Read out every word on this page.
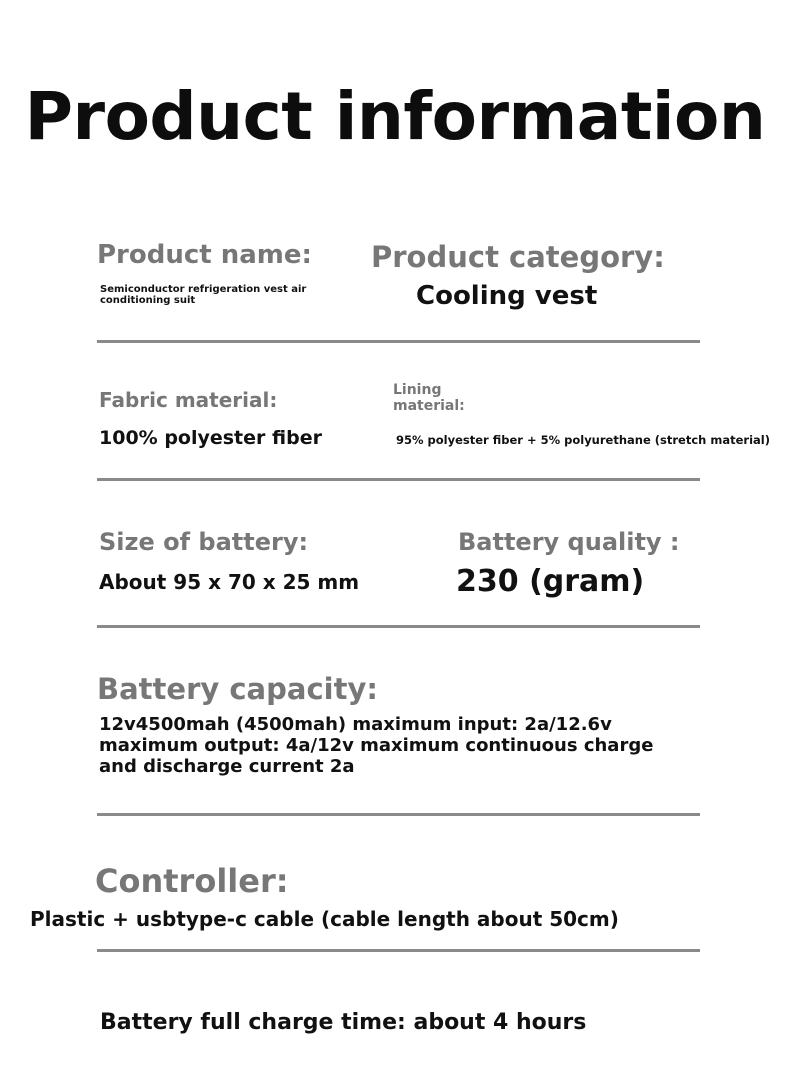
Product information
Product name:
Semiconductor refrigeration vest air conditioning suit
Product category:
Cooling vest
Fabric material:
100% polyester fiber
Lining material:
95% polyester fiber + 5% polyurethane (stretch material)
Size of battery:
About 95 x 70 x 25 mm
Battery quality :
230 (gram)
Battery capacity:
12v4500mah (4500mah) maximum input: 2a/12.6v maximum output: 4a/12v maximum continuous charge and discharge current 2a
Controller:
Plastic + usbtype-c cable (cable length about 50cm)
Battery full charge time: about 4 hours
